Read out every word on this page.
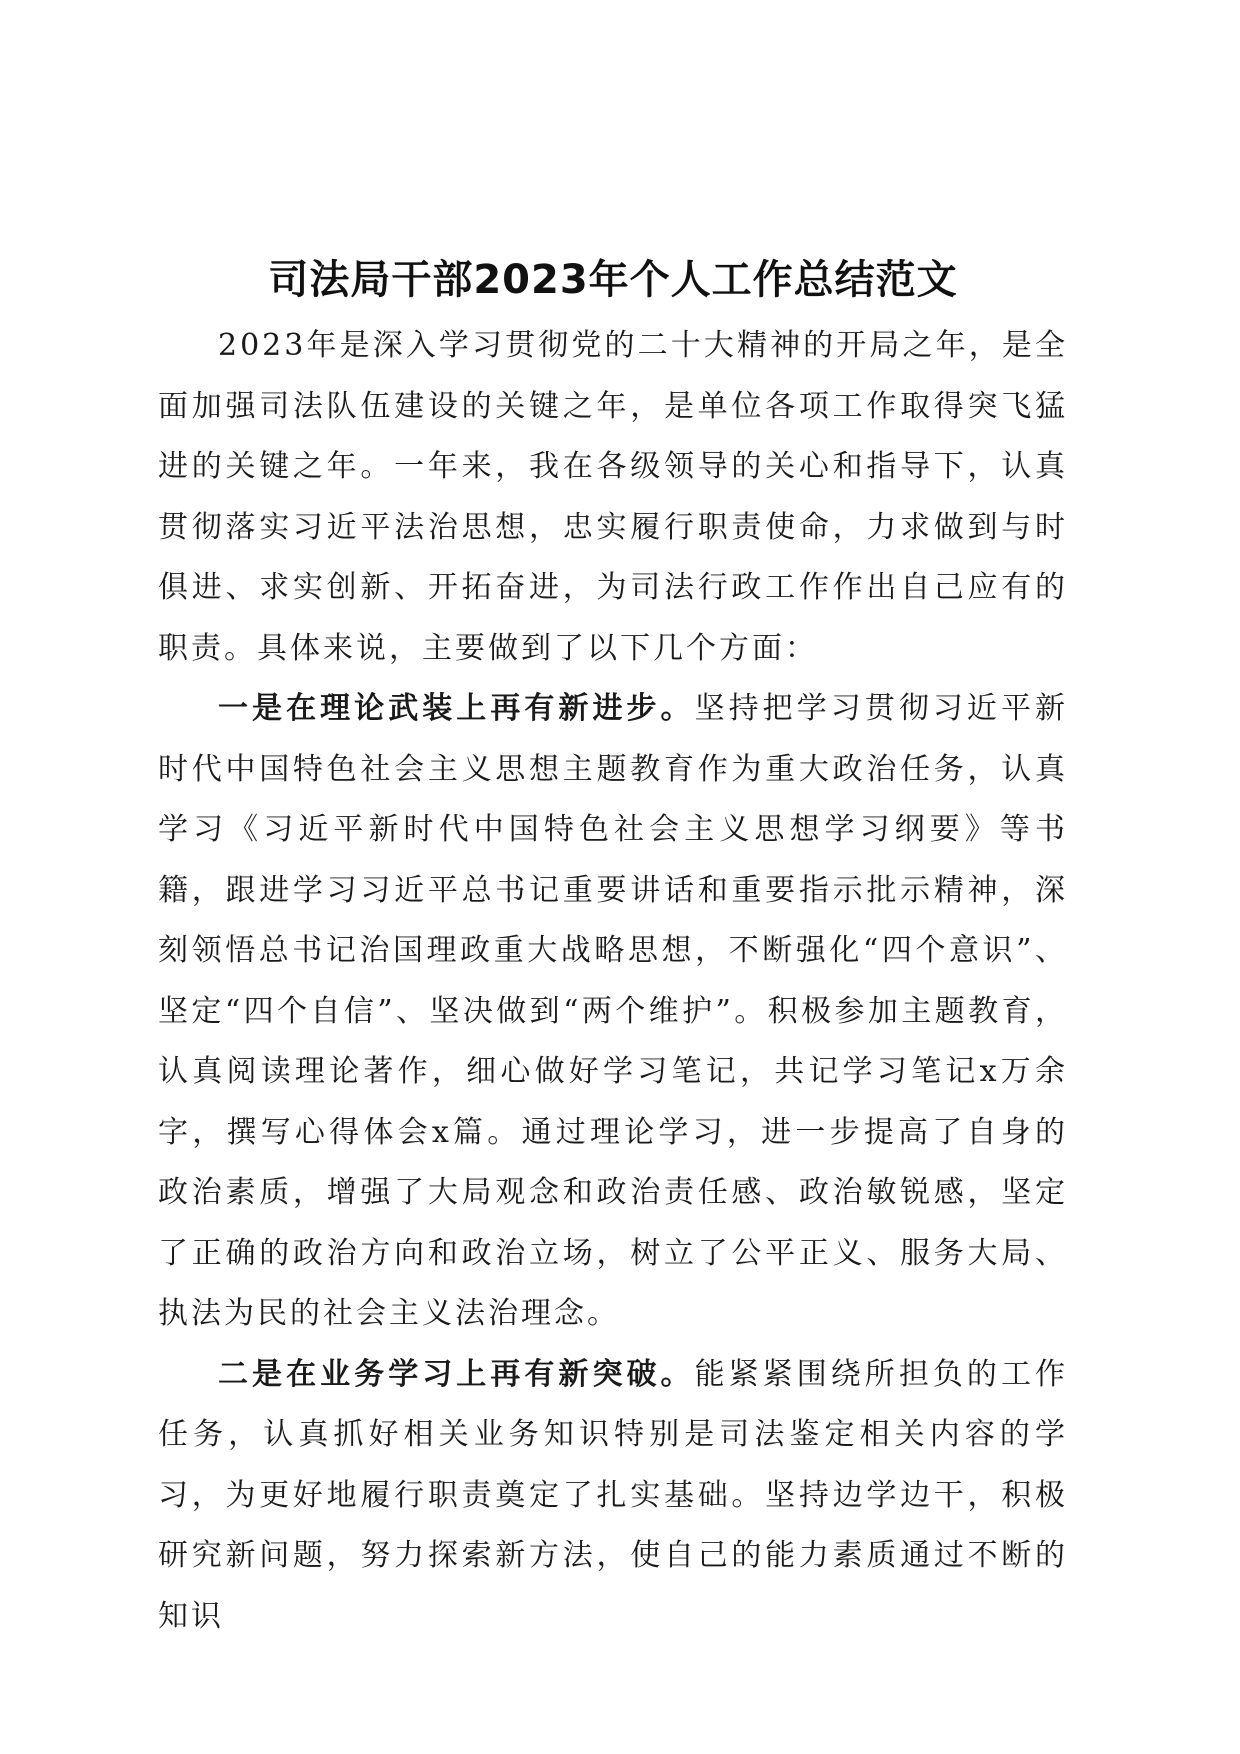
司法局干部2023年个人工作总结范文

2023年是深入学习贯彻党的二十大精神的开局之年，是全面加强司法队伍建设的关键之年，是单位各项工作取得突飞猛进的关键之年。一年来，我在各级领导的关心和指导下，认真贯彻落实习近平法治思想，忠实履行职责使命，力求做到与时俱进、求实创新、开拓奋进，为司法行政工作作出自己应有的职责。具体来说，主要做到了以下几个方面：

一是在理论武装上再有新进步。坚持把学习贯彻习近平新时代中国特色社会主义思想主题教育作为重大政治任务，认真学习《习近平新时代中国特色社会主义思想学习纲要》等书籍，跟进学习习近平总书记重要讲话和重要指示批示精神，深刻领悟总书记治国理政重大战略思想，不断强化“四个意识”、坚定“四个自信”、坚决做到“两个维护”。积极参加主题教育，认真阅读理论著作，细心做好学习笔记，共记学习笔记x万余字，撰写心得体会x篇。通过理论学习，进一步提高了自身的政治素质，增强了大局观念和政治责任感、政治敏锐感，坚定了正确的政治方向和政治立场，树立了公平正义、服务大局、执法为民的社会主义法治理念。

二是在业务学习上再有新突破。能紧紧围绕所担负的工作任务，认真抓好相关业务知识特别是司法鉴定相关内容的学习，为更好地履行职责奠定了扎实基础。坚持边学边干，积极研究新问题，努力探索新方法，使自己的能力素质通过不断的知识
